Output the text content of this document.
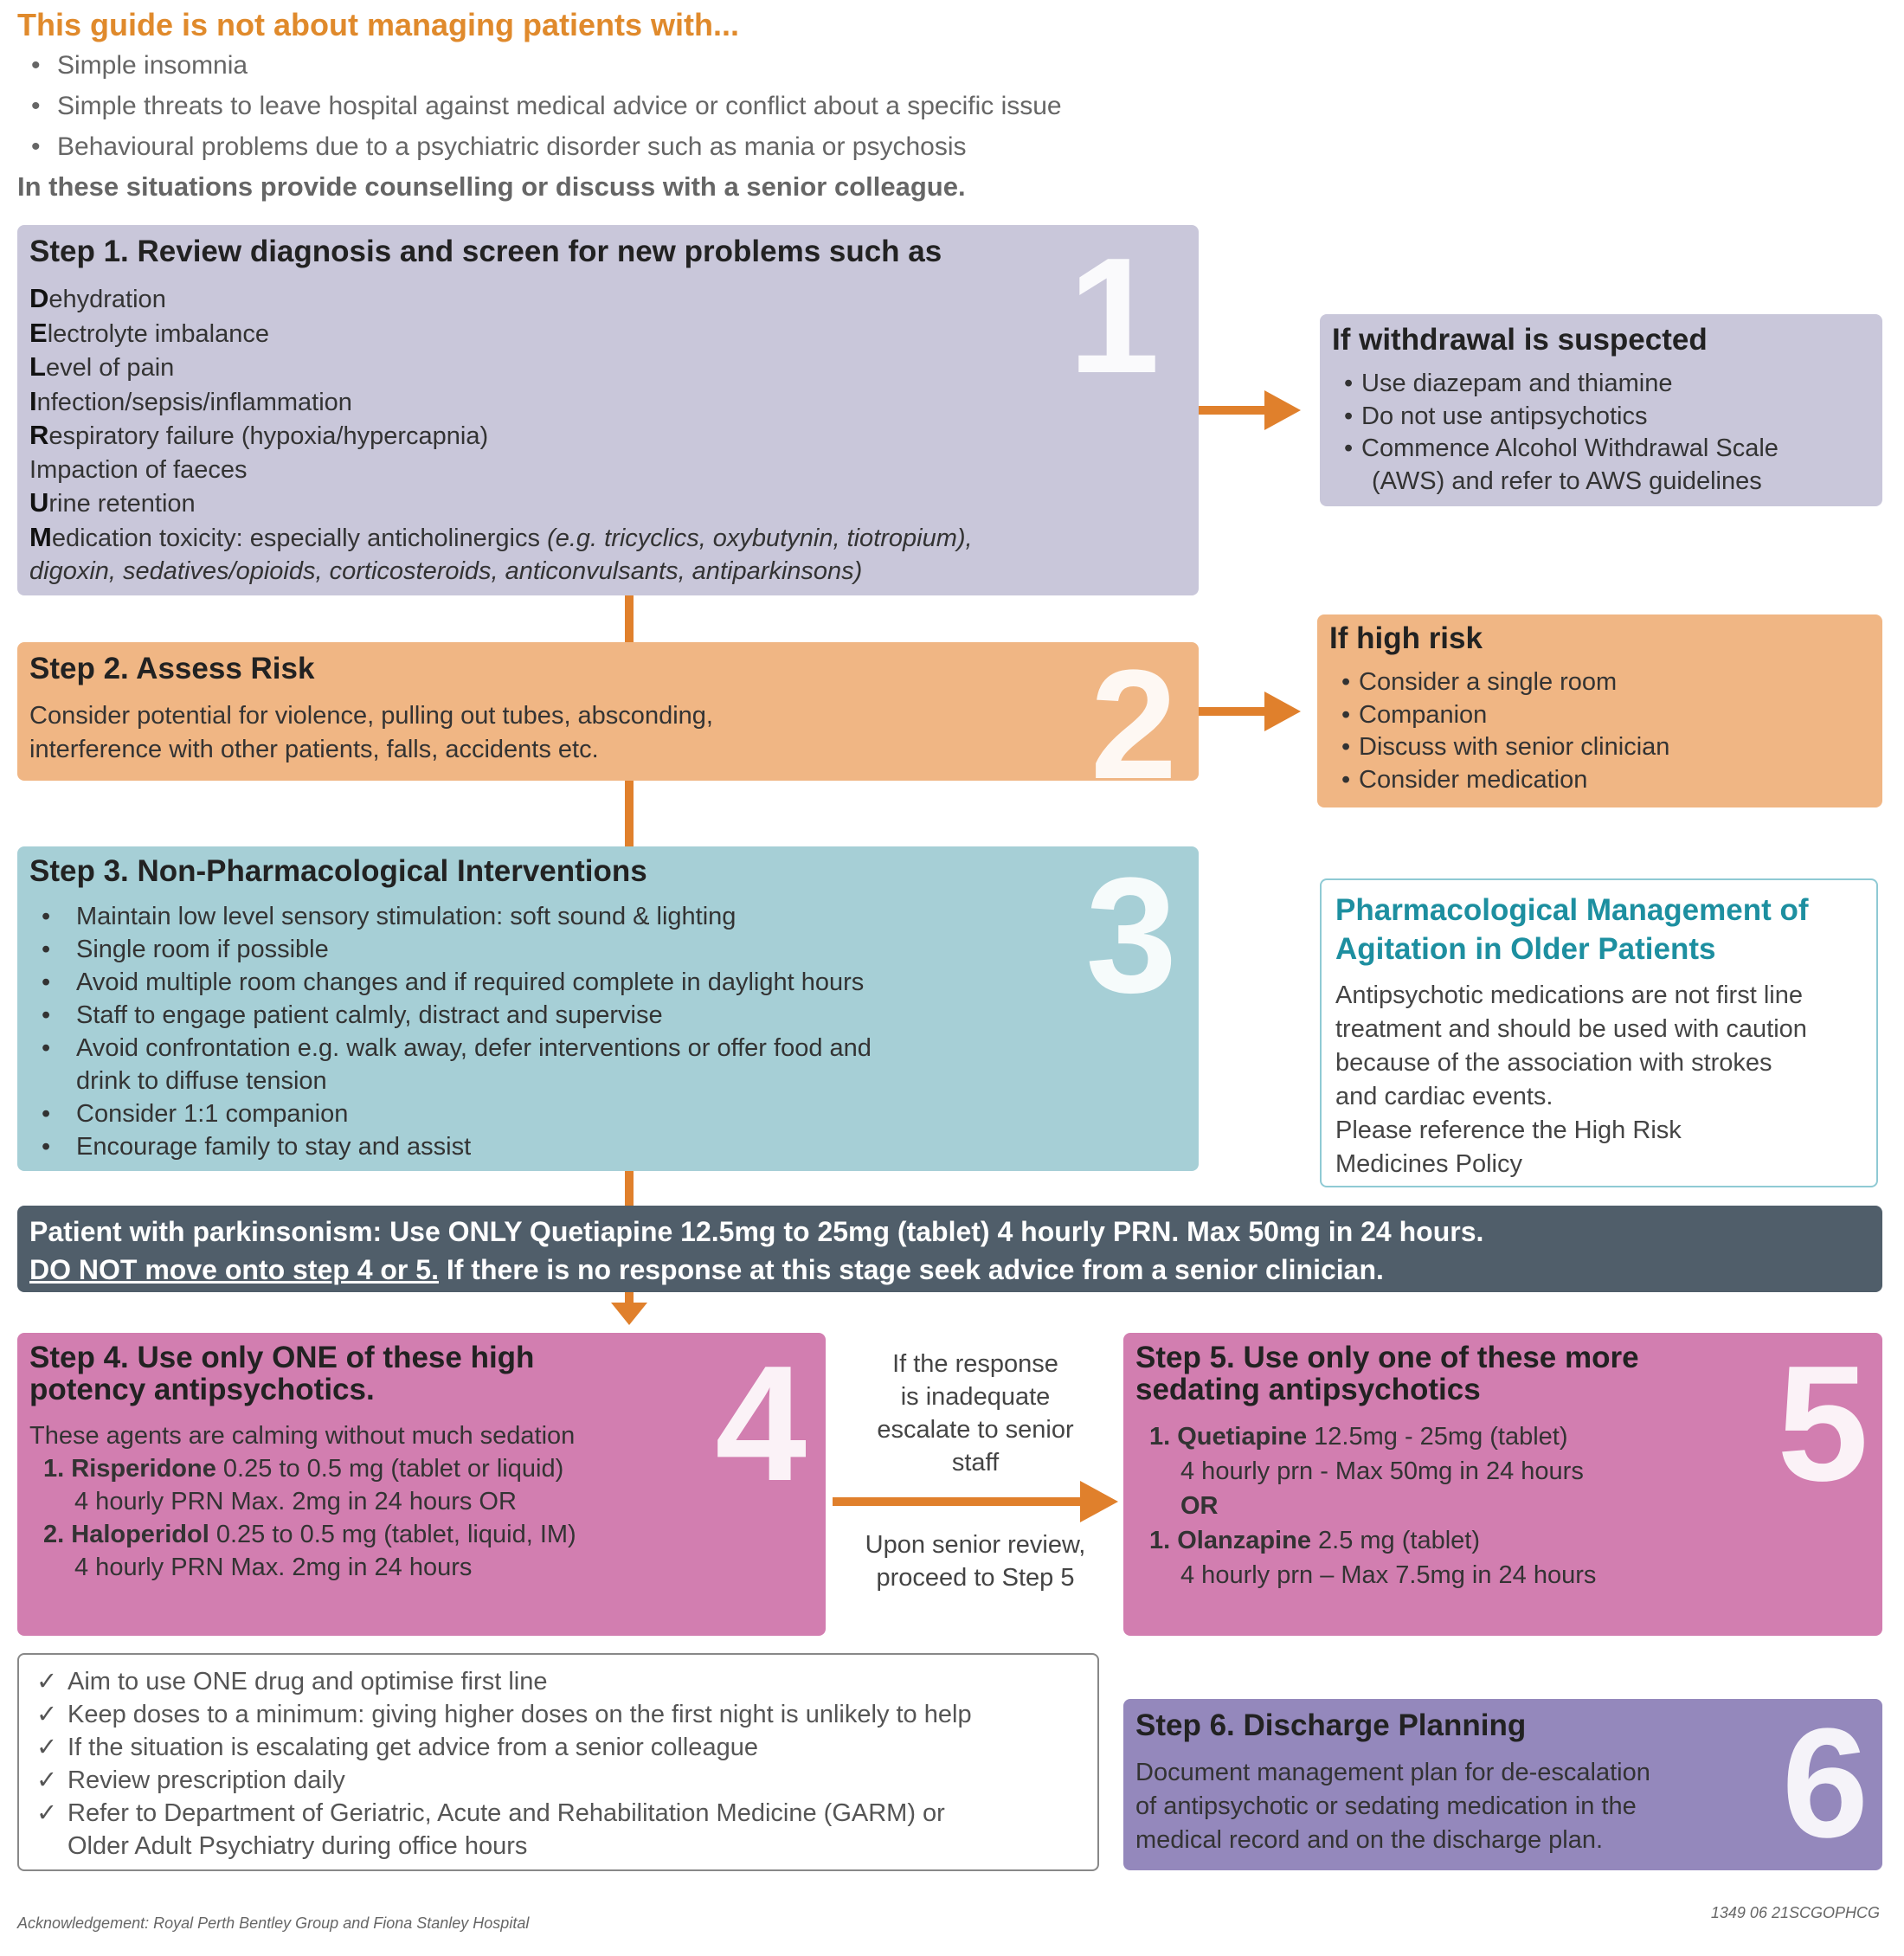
This guide is not about managing patients with...
• Simple insomnia
• Simple threats to leave hospital against medical advice or conflict about a specific issue
• Behavioural problems due to a psychiatric disorder such as mania or psychosis
In these situations provide counselling or discuss with a senior colleague.
1
Step 1. Review diagnosis and screen for new problems such as
Dehydration
Electrolyte imbalance
Level of pain
Infection/sepsis/inflammation
Respiratory failure (hypoxia/hypercapnia)
Impaction of faeces
Urine retention
Medication toxicity: especially anticholinergics (e.g. tricyclics, oxybutynin, tiotropium),
digoxin, sedatives/opioids, corticosteroids, anticonvulsants, antiparkinsons)
If withdrawal is suspected
• Use diazepam and thiamine
• Do not use antipsychotics
• Commence Alcohol Withdrawal Scale
(AWS) and refer to AWS guidelines
2
Step 2. Assess Risk
Consider potential for violence, pulling out tubes, absconding,
interference with other patients, falls, accidents etc.
If high risk
• Consider a single room
• Companion
• Discuss with senior clinician
• Consider medication
3
Step 3. Non-Pharmacological Interventions
• Maintain low level sensory stimulation: soft sound & lighting
• Single room if possible
• Avoid multiple room changes and if required complete in daylight hours
• Staff to engage patient calmly, distract and supervise
• Avoid confrontation e.g. walk away, defer interventions or offer food and
drink to diffuse tension
• Consider 1:1 companion
• Encourage family to stay and assist
Pharmacological Management of
Agitation in Older Patients
Antipsychotic medications are not first line
treatment and should be used with caution
because of the association with strokes
and cardiac events.
Please reference the High Risk
Medicines Policy
Patient with parkinsonism: Use ONLY Quetiapine 12.5mg to 25mg (tablet) 4 hourly PRN. Max 50mg in 24 hours.
DO NOT move onto step 4 or 5. If there is no response at this stage seek advice from a senior clinician.
4
Step 4. Use only ONE of these high
potency antipsychotics.
These agents are calming without much sedation
1. Risperidone 0.25 to 0.5 mg (tablet or liquid)
4 hourly PRN Max. 2mg in 24 hours OR
2. Haloperidol 0.25 to 0.5 mg (tablet, liquid, IM)
4 hourly PRN Max. 2mg in 24 hours
If the response
is inadequate
escalate to senior
staff
Upon senior review,
proceed to Step 5
5
Step 5. Use only one of these more
sedating antipsychotics
1. Quetiapine 12.5mg - 25mg (tablet)
4 hourly prn - Max 50mg in 24 hours
OR
1. Olanzapine 2.5 mg (tablet)
4 hourly prn – Max 7.5mg in 24 hours
✓ Aim to use ONE drug and optimise first line
✓ Keep doses to a minimum: giving higher doses on the first night is unlikely to help
✓ If the situation is escalating get advice from a senior colleague
✓ Review prescription daily
✓ Refer to Department of Geriatric, Acute and Rehabilitation Medicine (GARM) or
Older Adult Psychiatry during office hours	6
Step 6. Discharge Planning
Document management plan for de-escalation
of antipsychotic or sedating medication in the
medical record and on the discharge plan.
Acknowledgement: Royal Perth Bentley Group and Fiona Stanley Hospital
1349 06 21SCGOPHCG
